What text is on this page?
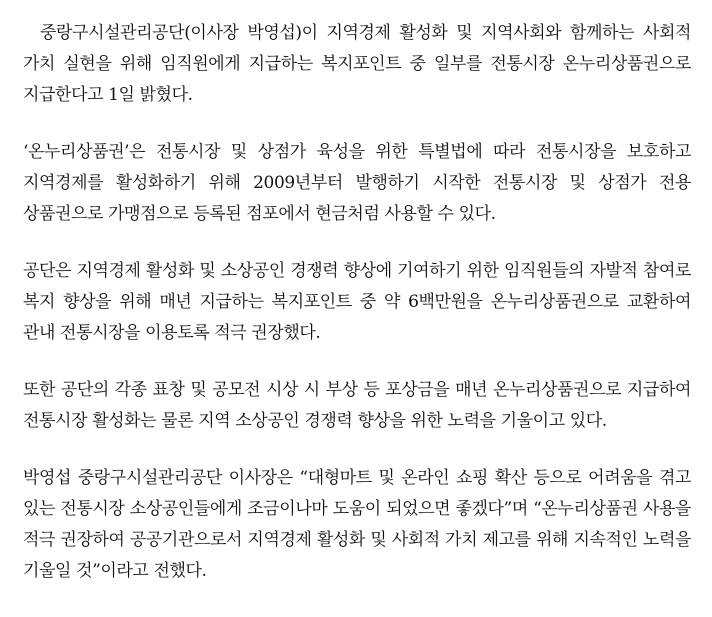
중랑구시설관리공단(이사장 박영섭)이 지역경제 활성화 및 지역사회와 함께하는 사회적 가치 실현을 위해 임직원에게 지급하는 복지포인트 중 일부를 전통시장 온누리상품권으로 지급한다고 1일 밝혔다.

‘온누리상품권’은 전통시장 및 상점가 육성을 위한 특별법에 따라 전통시장을 보호하고 지역경제를 활성화하기 위해 2009년부터 발행하기 시작한 전통시장 및 상점가 전용 상품권으로 가맹점으로 등록된 점포에서 현금처럼 사용할 수 있다.

공단은 지역경제 활성화 및 소상공인 경쟁력 향상에 기여하기 위한 임직원들의 자발적 참여로 복지 향상을 위해 매년 지급하는 복지포인트 중 약 6백만원을 온누리상품권으로 교환하여 관내 전통시장을 이용토록 적극 권장했다.

또한 공단의 각종 표창 및 공모전 시상 시 부상 등 포상금을 매년 온누리상품권으로 지급하여 전통시장 활성화는 물론 지역 소상공인 경쟁력 향상을 위한 노력을 기울이고 있다.

박영섭 중랑구시설관리공단 이사장은 “대형마트 및 온라인 쇼핑 확산 등으로 어려움을 겪고 있는 전통시장 소상공인들에게 조금이나마 도움이 되었으면 좋겠다”며 “온누리상품권 사용을 적극 권장하여 공공기관으로서 지역경제 활성화 및 사회적 가치 제고를 위해 지속적인 노력을 기울일 것”이라고 전했다.
